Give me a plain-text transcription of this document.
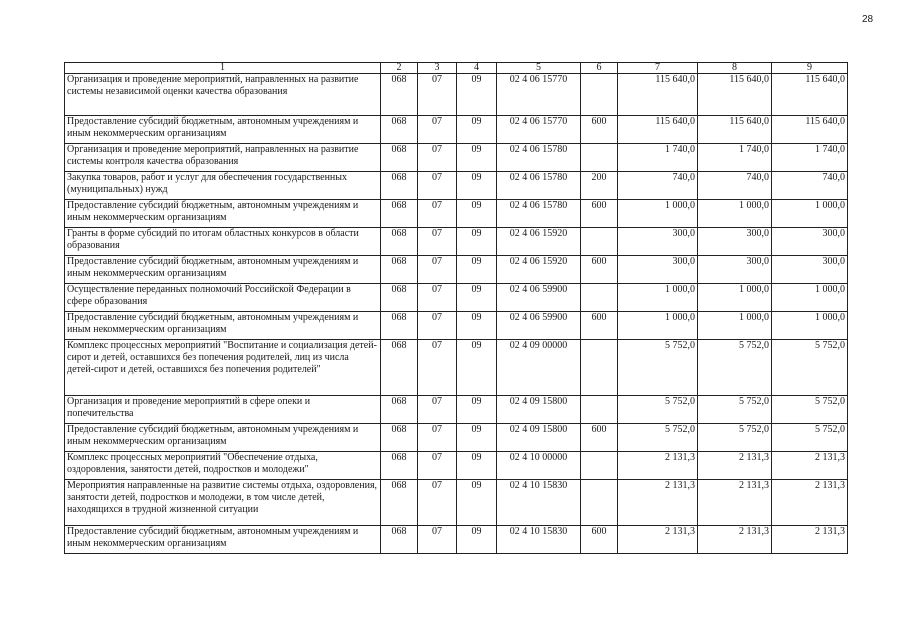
28
1	2	3	4	5	6	7	8	9
Организация и проведение мероприятий, направленных на развитие системы независимой оценки качества образования	068	07	09	02 4 06 15770		115 640,0	115 640,0	115 640,0
Предоставление субсидий бюджетным, автономным учреждениям и иным некоммерческим организациям	068	07	09	02 4 06 15770	600	115 640,0	115 640,0	115 640,0
Организация и проведение мероприятий, направленных на развитие системы контроля качества образования	068	07	09	02 4 06 15780		1 740,0	1 740,0	1 740,0
Закупка товаров, работ и услуг для обеспечения государственных (муниципальных) нужд	068	07	09	02 4 06 15780	200	740,0	740,0	740,0
Предоставление субсидий бюджетным, автономным учреждениям и иным некоммерческим организациям	068	07	09	02 4 06 15780	600	1 000,0	1 000,0	1 000,0
Гранты в форме субсидий по итогам областных конкурсов в области образования	068	07	09	02 4 06 15920		300,0	300,0	300,0
Предоставление субсидий бюджетным, автономным учреждениям и иным некоммерческим организациям	068	07	09	02 4 06 15920	600	300,0	300,0	300,0
Осуществление переданных полномочий Российской Федерации в сфере образования	068	07	09	02 4 06 59900		1 000,0	1 000,0	1 000,0
Предоставление субсидий бюджетным, автономным учреждениям и иным некоммерческим организациям	068	07	09	02 4 06 59900	600	1 000,0	1 000,0	1 000,0
Комплекс процессных мероприятий "Воспитание и социализация детей-сирот и детей, оставшихся без попечения родителей, лиц из числа детей-сирот и детей, оставшихся без попечения родителей"	068	07	09	02 4 09 00000		5 752,0	5 752,0	5 752,0
Организация и проведение мероприятий в сфере опеки и попечительства	068	07	09	02 4 09 15800		5 752,0	5 752,0	5 752,0
Предоставление субсидий бюджетным, автономным учреждениям и иным некоммерческим организациям	068	07	09	02 4 09 15800	600	5 752,0	5 752,0	5 752,0
Комплекс процессных мероприятий "Обеспечение отдыха, оздоровления, занятости детей, подростков и молодежи"	068	07	09	02 4 10 00000		2 131,3	2 131,3	2 131,3
Мероприятия направленные на развитие системы отдыха, оздоровления, занятости детей, подростков и молодежи, в том числе детей, находящихся в трудной жизненной ситуации	068	07	09	02 4 10 15830		2 131,3	2 131,3	2 131,3
Предоставление субсидий бюджетным, автономным учреждениям и иным некоммерческим организациям	068	07	09	02 4 10 15830	600	2 131,3	2 131,3	2 131,3
